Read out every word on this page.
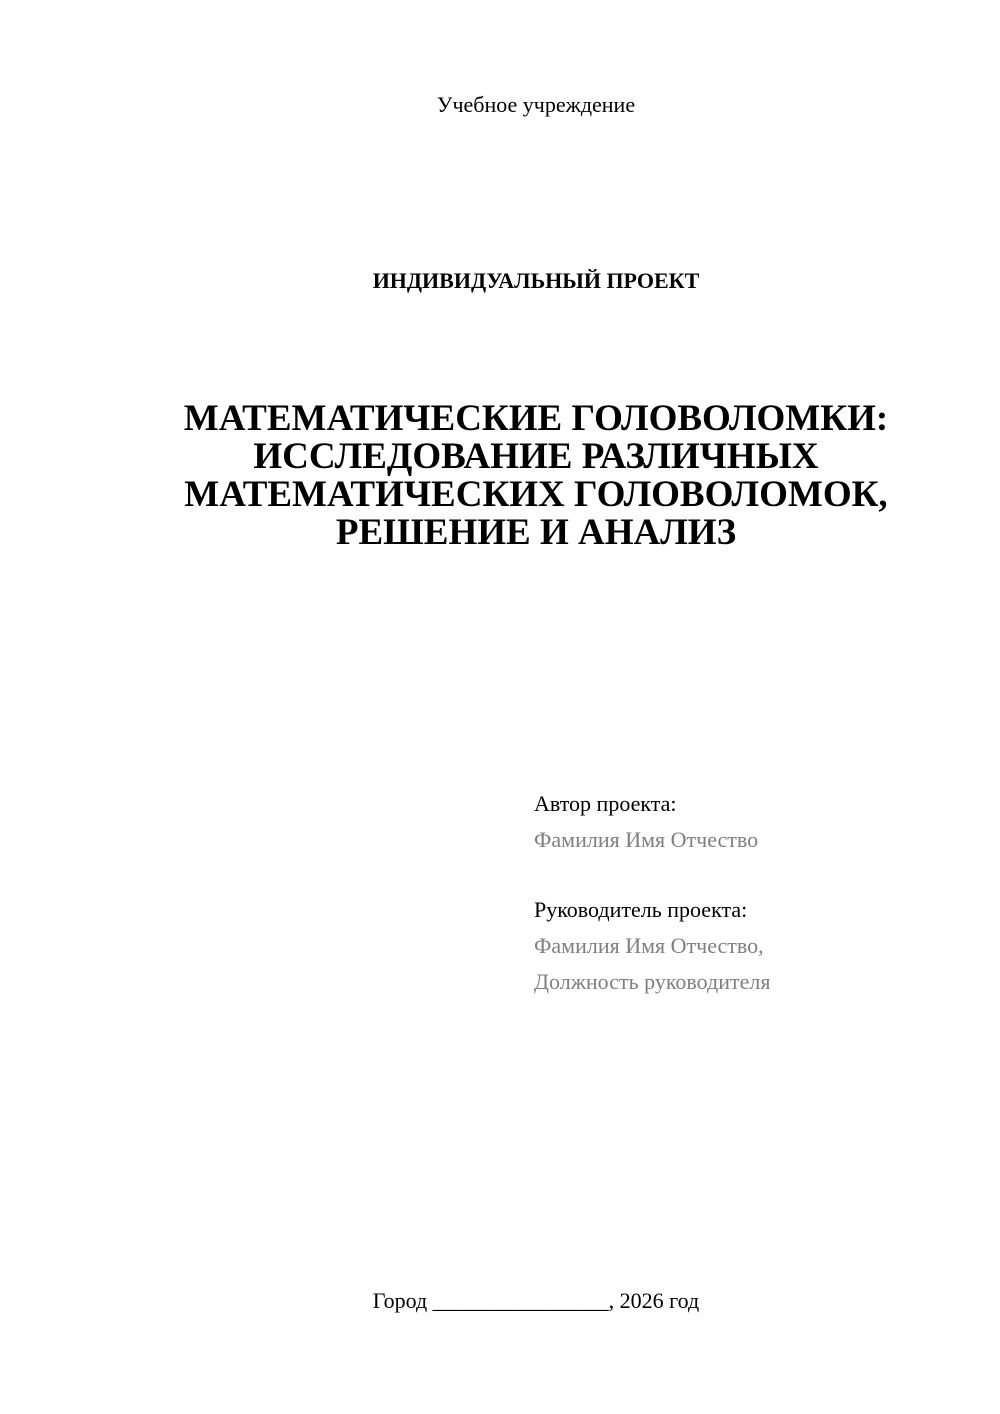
Учебное учреждение
ИНДИВИДУАЛЬНЫЙ ПРОЕКТ
МАТЕМАТИЧЕСКИЕ ГОЛОВОЛОМКИ:
ИССЛЕДОВАНИЕ РАЗЛИЧНЫХ
МАТЕМАТИЧЕСКИХ ГОЛОВОЛОМОК,
РЕШЕНИЕ И АНАЛИЗ
Автор проекта:
Фамилия Имя Отчество
Руководитель проекта:
Фамилия Имя Отчество,
Должность руководителя
Город ________________, 2026 год
